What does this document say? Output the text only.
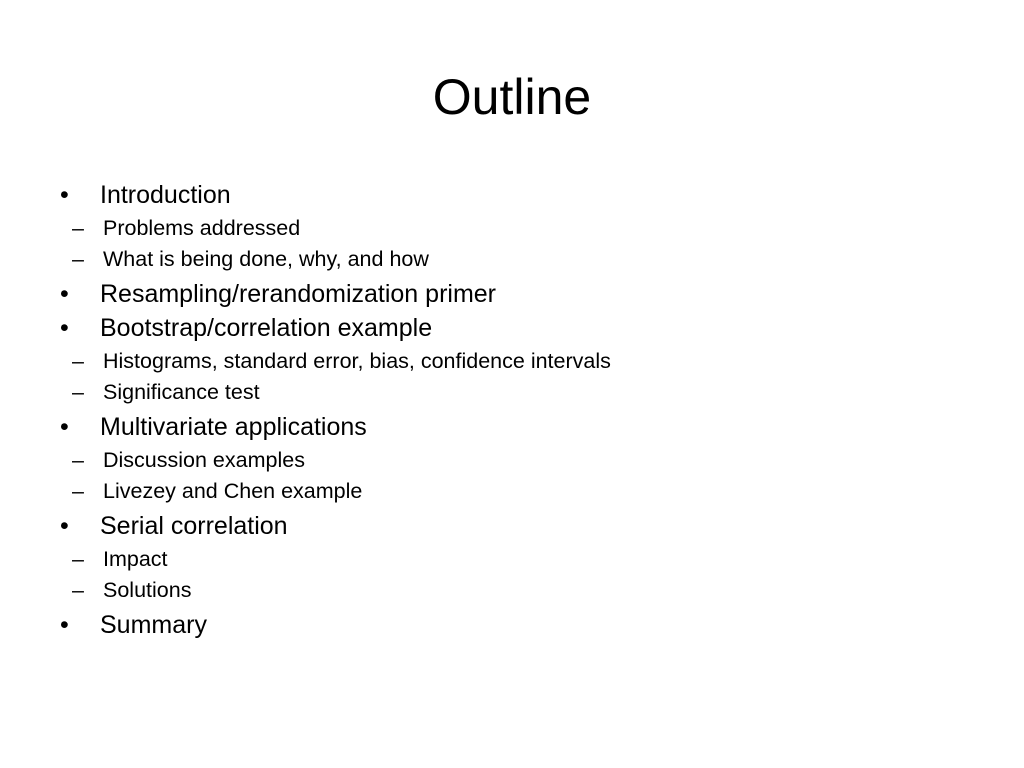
Outline
•	Introduction
– Problems addressed
– What is being done, why, and how
•	Resampling/rerandomization primer
•	Bootstrap/correlation example
– Histograms, standard error, bias, confidence intervals
– Significance test
•	Multivariate applications
– Discussion examples
– Livezey and Chen example
•	Serial correlation
– Impact
– Solutions
•	Summary
